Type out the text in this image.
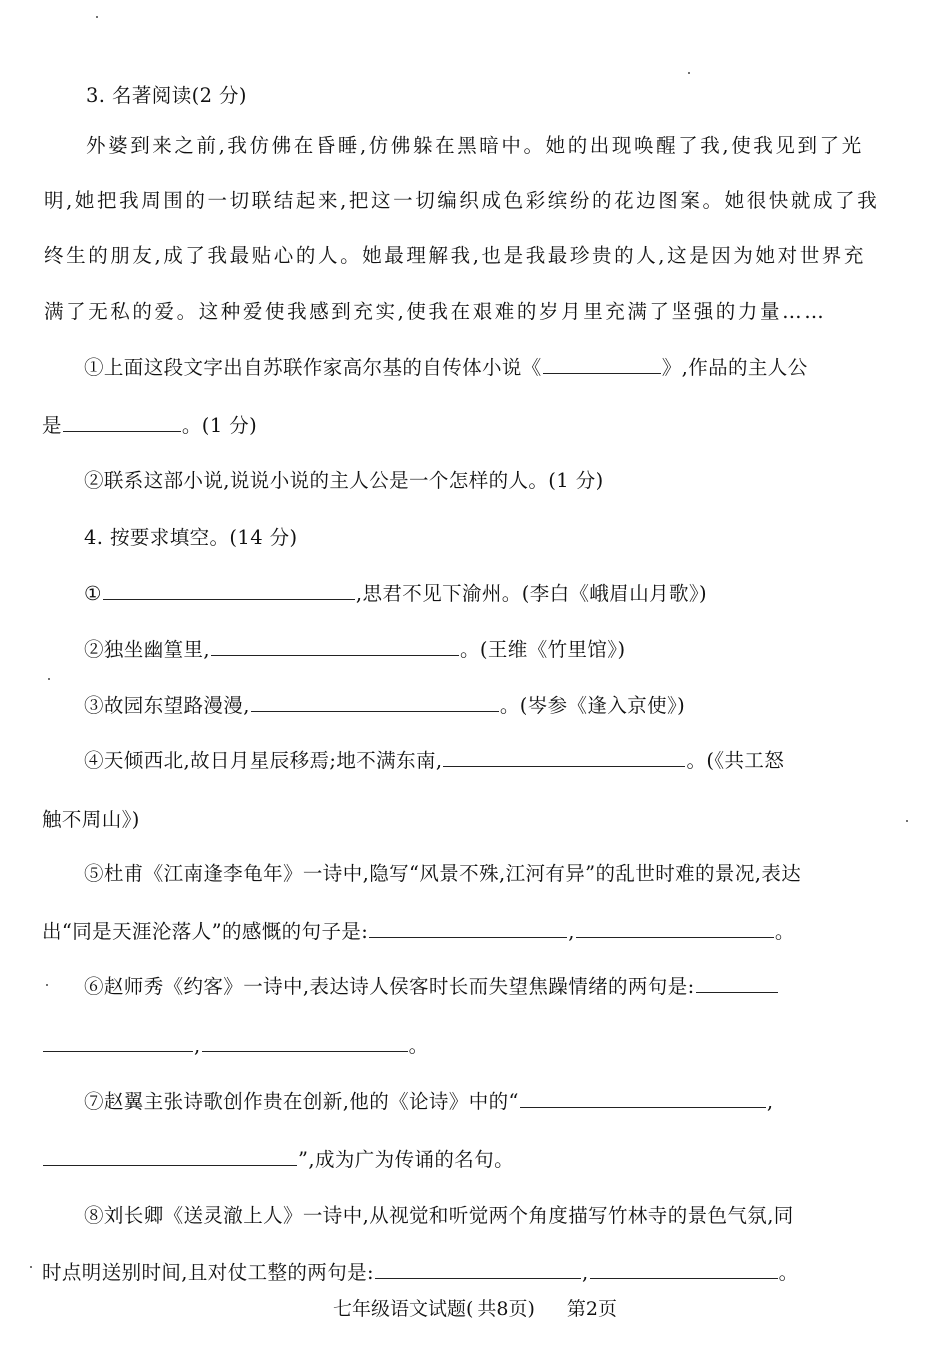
3. 名著阅读(2 分)
外婆到来之前,我仿佛在昏睡,仿佛躲在黑暗中。她的出现唤醒了我,使我见到了光
明,她把我周围的一切联结起来,把这一切编织成色彩缤纷的花边图案。她很快就成了我
终生的朋友,成了我最贴心的人。她最理解我,也是我最珍贵的人,这是因为她对世界充
满了无私的爱。这种爱使我感到充实,使我在艰难的岁月里充满了坚强的力量……
①上面这段文字出自苏联作家高尔基的自传体小说《	》,作品的主人公
是	。(1 分)
②联系这部小说,说说小说的主人公是一个怎样的人。(1 分)
4. 按要求填空。(14 分)
①	,思君不见下渝州。(李白《峨眉山月歌》)
②独坐幽篁里,	。(王维《竹里馆》)
③故园东望路漫漫,	。(岑参《逢入京使》)
④天倾西北,故日月星辰移焉;地不满东南,	。(《共工怒
触不周山》)
⑤杜甫《江南逢李龟年》一诗中,隐写“风景不殊,江河有异”的乱世时难的景况,表达
出“同是天涯沦落人”的感慨的句子是:	,	。
⑥赵师秀《约客》一诗中,表达诗人侯客时长而失望焦躁情绪的两句是:
,	。
⑦赵翼主张诗歌创作贵在创新,他的《论诗》中的“	,
”,成为广为传诵的名句。
⑧刘长卿《送灵澈上人》一诗中,从视觉和听觉两个角度描写竹林寺的景色气氛,同
时点明送别时间,且对仗工整的两句是:	,	。
七年级语文试题( 共8页) 第2页
